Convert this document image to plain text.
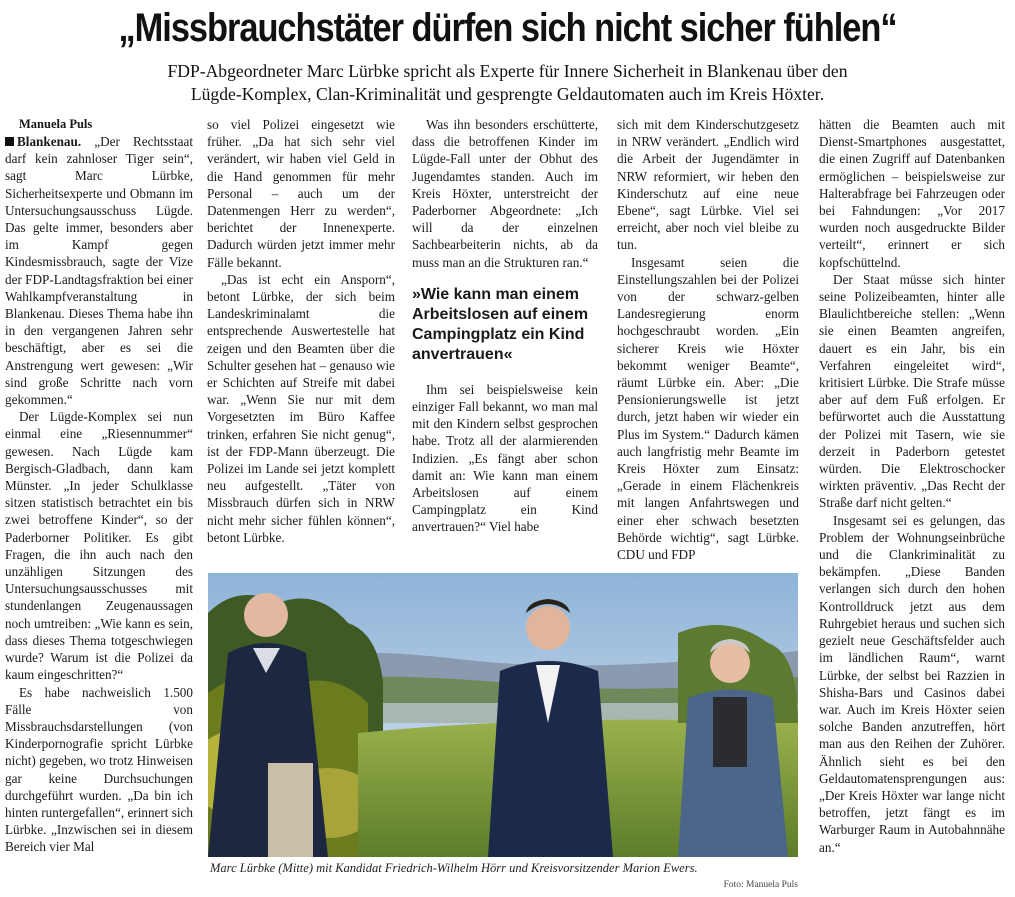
„Missbrauchstäter dürfen sich nicht sicher fühlen“
FDP-Abgeordneter Marc Lürbke spricht als Experte für Innere Sicherheit in Blankenau über den
Lügde-Komplex, Clan-Kriminalität und gesprengte Geldautomaten auch im Kreis Höxter.

Manuela Puls

Blankenau. „Der Rechtsstaat darf kein zahnloser Tiger sein“, sagt Marc Lürbke, Sicherheitsexperte und Obmann im Untersuchungsausschuss Lügde. Das gelte immer, besonders aber im Kampf gegen Kindesmissbrauch, sagte der Vize der FDP-Landtagsfraktion bei einer Wahlkampfveranstaltung in Blankenau. Dieses Thema habe ihn in den vergangenen Jahren sehr beschäftigt, aber es sei die Anstrengung wert gewesen: „Wir sind große Schritte nach vorn gekommen.“

Der Lügde-Komplex sei nun einmal eine „Riesennummer“ gewesen. Nach Lügde kam Bergisch-Gladbach, dann kam Münster. „In jeder Schulklasse sitzen statistisch betrachtet ein bis zwei betroffene Kinder“, so der Paderborner Politiker. Es gibt Fragen, die ihn auch nach den unzähligen Sitzungen des Untersuchungsausschusses mit stundenlangen Zeugenaussagen noch umtreiben: „Wie kann es sein, dass dieses Thema totgeschwiegen wurde? Warum ist die Polizei da kaum eingeschritten?“

Es habe nachweislich 1.500 Fälle von Missbrauchsdarstellungen (von Kinderpornografie spricht Lürbke nicht) gegeben, wo trotz Hinweisen gar keine Durchsuchungen durchgeführt wurden. „Da bin ich hinten runtergefallen“, erinnert sich Lürbke. „Inzwischen sei in diesem Bereich vier Mal

so viel Polizei eingesetzt wie früher. „Da hat sich sehr viel verändert, wir haben viel Geld in die Hand genommen für mehr Personal – auch um der Datenmengen Herr zu werden“, berichtet der Innenexperte. Dadurch würden jetzt immer mehr Fälle bekannt.

„Das ist echt ein Ansporn“, betont Lürbke, der sich beim Landeskriminalamt die entsprechende Auswertestelle hat zeigen und den Beamten über die Schulter gesehen hat – genauso wie er Schichten auf Streife mit dabei war. „Wenn Sie nur mit dem Vorgesetzten im Büro Kaffee trinken, erfahren Sie nicht genug“, ist der FDP-Mann überzeugt. Die Polizei im Lande sei jetzt komplett neu aufgestellt. „Täter von Missbrauch dürfen sich in NRW nicht mehr sicher fühlen können“, betont Lürbke.

Was ihn besonders erschütterte, dass die betroffenen Kinder im Lügde-Fall unter der Obhut des Jugendamtes standen. Auch im Kreis Höxter, unterstreicht der Paderborner Abgeordnete: „Ich will da der einzelnen Sachbearbeiterin nichts, ab da muss man an die Strukturen ran.“

»Wie kann man einem Arbeitslosen auf einem Campingplatz ein Kind anvertrauen«

Ihm sei beispielsweise kein einziger Fall bekannt, wo man mal mit den Kindern selbst gesprochen habe. Trotz all der alarmierenden Indizien. „Es fängt aber schon damit an: Wie kann man einem Arbeitslosen auf einem Campingplatz ein Kind anvertrauen?“ Viel habe

sich mit dem Kinderschutzgesetz in NRW verändert. „Endlich wird die Arbeit der Jugendämter in NRW reformiert, wir heben den Kinderschutz auf eine neue Ebene“, sagt Lürbke. Viel sei erreicht, aber noch viel bleibe zu tun.

Insgesamt seien die Einstellungszahlen bei der Polizei von der schwarz-gelben Landesregierung enorm hochgeschraubt worden. „Ein sicherer Kreis wie Höxter bekommt weniger Beamte“, räumt Lürbke ein. Aber: „Die Pensionierungswelle ist jetzt durch, jetzt haben wir wieder ein Plus im System.“ Dadurch kämen auch langfristig mehr Beamte im Kreis Höxter zum Einsatz: „Gerade in einem Flächenkreis mit langen Anfahrtswegen und einer eher schwach besetzten Behörde wichtig“, sagt Lürbke. CDU und FDP

hätten die Beamten auch mit Dienst-Smartphones ausgestattet, die einen Zugriff auf Datenbanken ermöglichen – beispielsweise zur Halterabfrage bei Fahrzeugen oder bei Fahndungen: „Vor 2017 wurden noch ausgedruckte Bilder verteilt“, erinnert er sich kopfschüttelnd.

Der Staat müsse sich hinter seine Polizeibeamten, hinter alle Blaulichtbereiche stellen: „Wenn sie einen Beamten angreifen, dauert es ein Jahr, bis ein Verfahren eingeleitet wird“, kritisiert Lürbke. Die Strafe müsse aber auf dem Fuß erfolgen. Er befürwortet auch die Ausstattung der Polizei mit Tasern, wie sie derzeit in Paderborn getestet würden. Die Elektroschocker wirkten präventiv. „Das Recht der Straße darf nicht gelten.“

Insgesamt sei es gelungen, das Problem der Wohnungseinbrüche und die Clankriminalität zu bekämpfen. „Diese Banden verlangen sich durch den hohen Kontrolldruck jetzt aus dem Ruhrgebiet heraus und suchen sich gezielt neue Geschäftsfelder auch im ländlichen Raum“, warnt Lürbke, der selbst bei Razzien in Shisha-Bars und Casinos dabei war. Auch im Kreis Höxter seien solche Banden anzutreffen, hört man aus den Reihen der Zuhörer. Ähnlich sieht es bei den Geldautomatensprengungen aus: „Der Kreis Höxter war lange nicht betroffen, jetzt fängt es im Warburger Raum in Autobahnnähe an.“

Marc Lürbke (Mitte) mit Kandidat Friedrich-Wilhelm Hörr und Kreisvorsitzender Marion Ewers.
Foto: Manuela Puls
